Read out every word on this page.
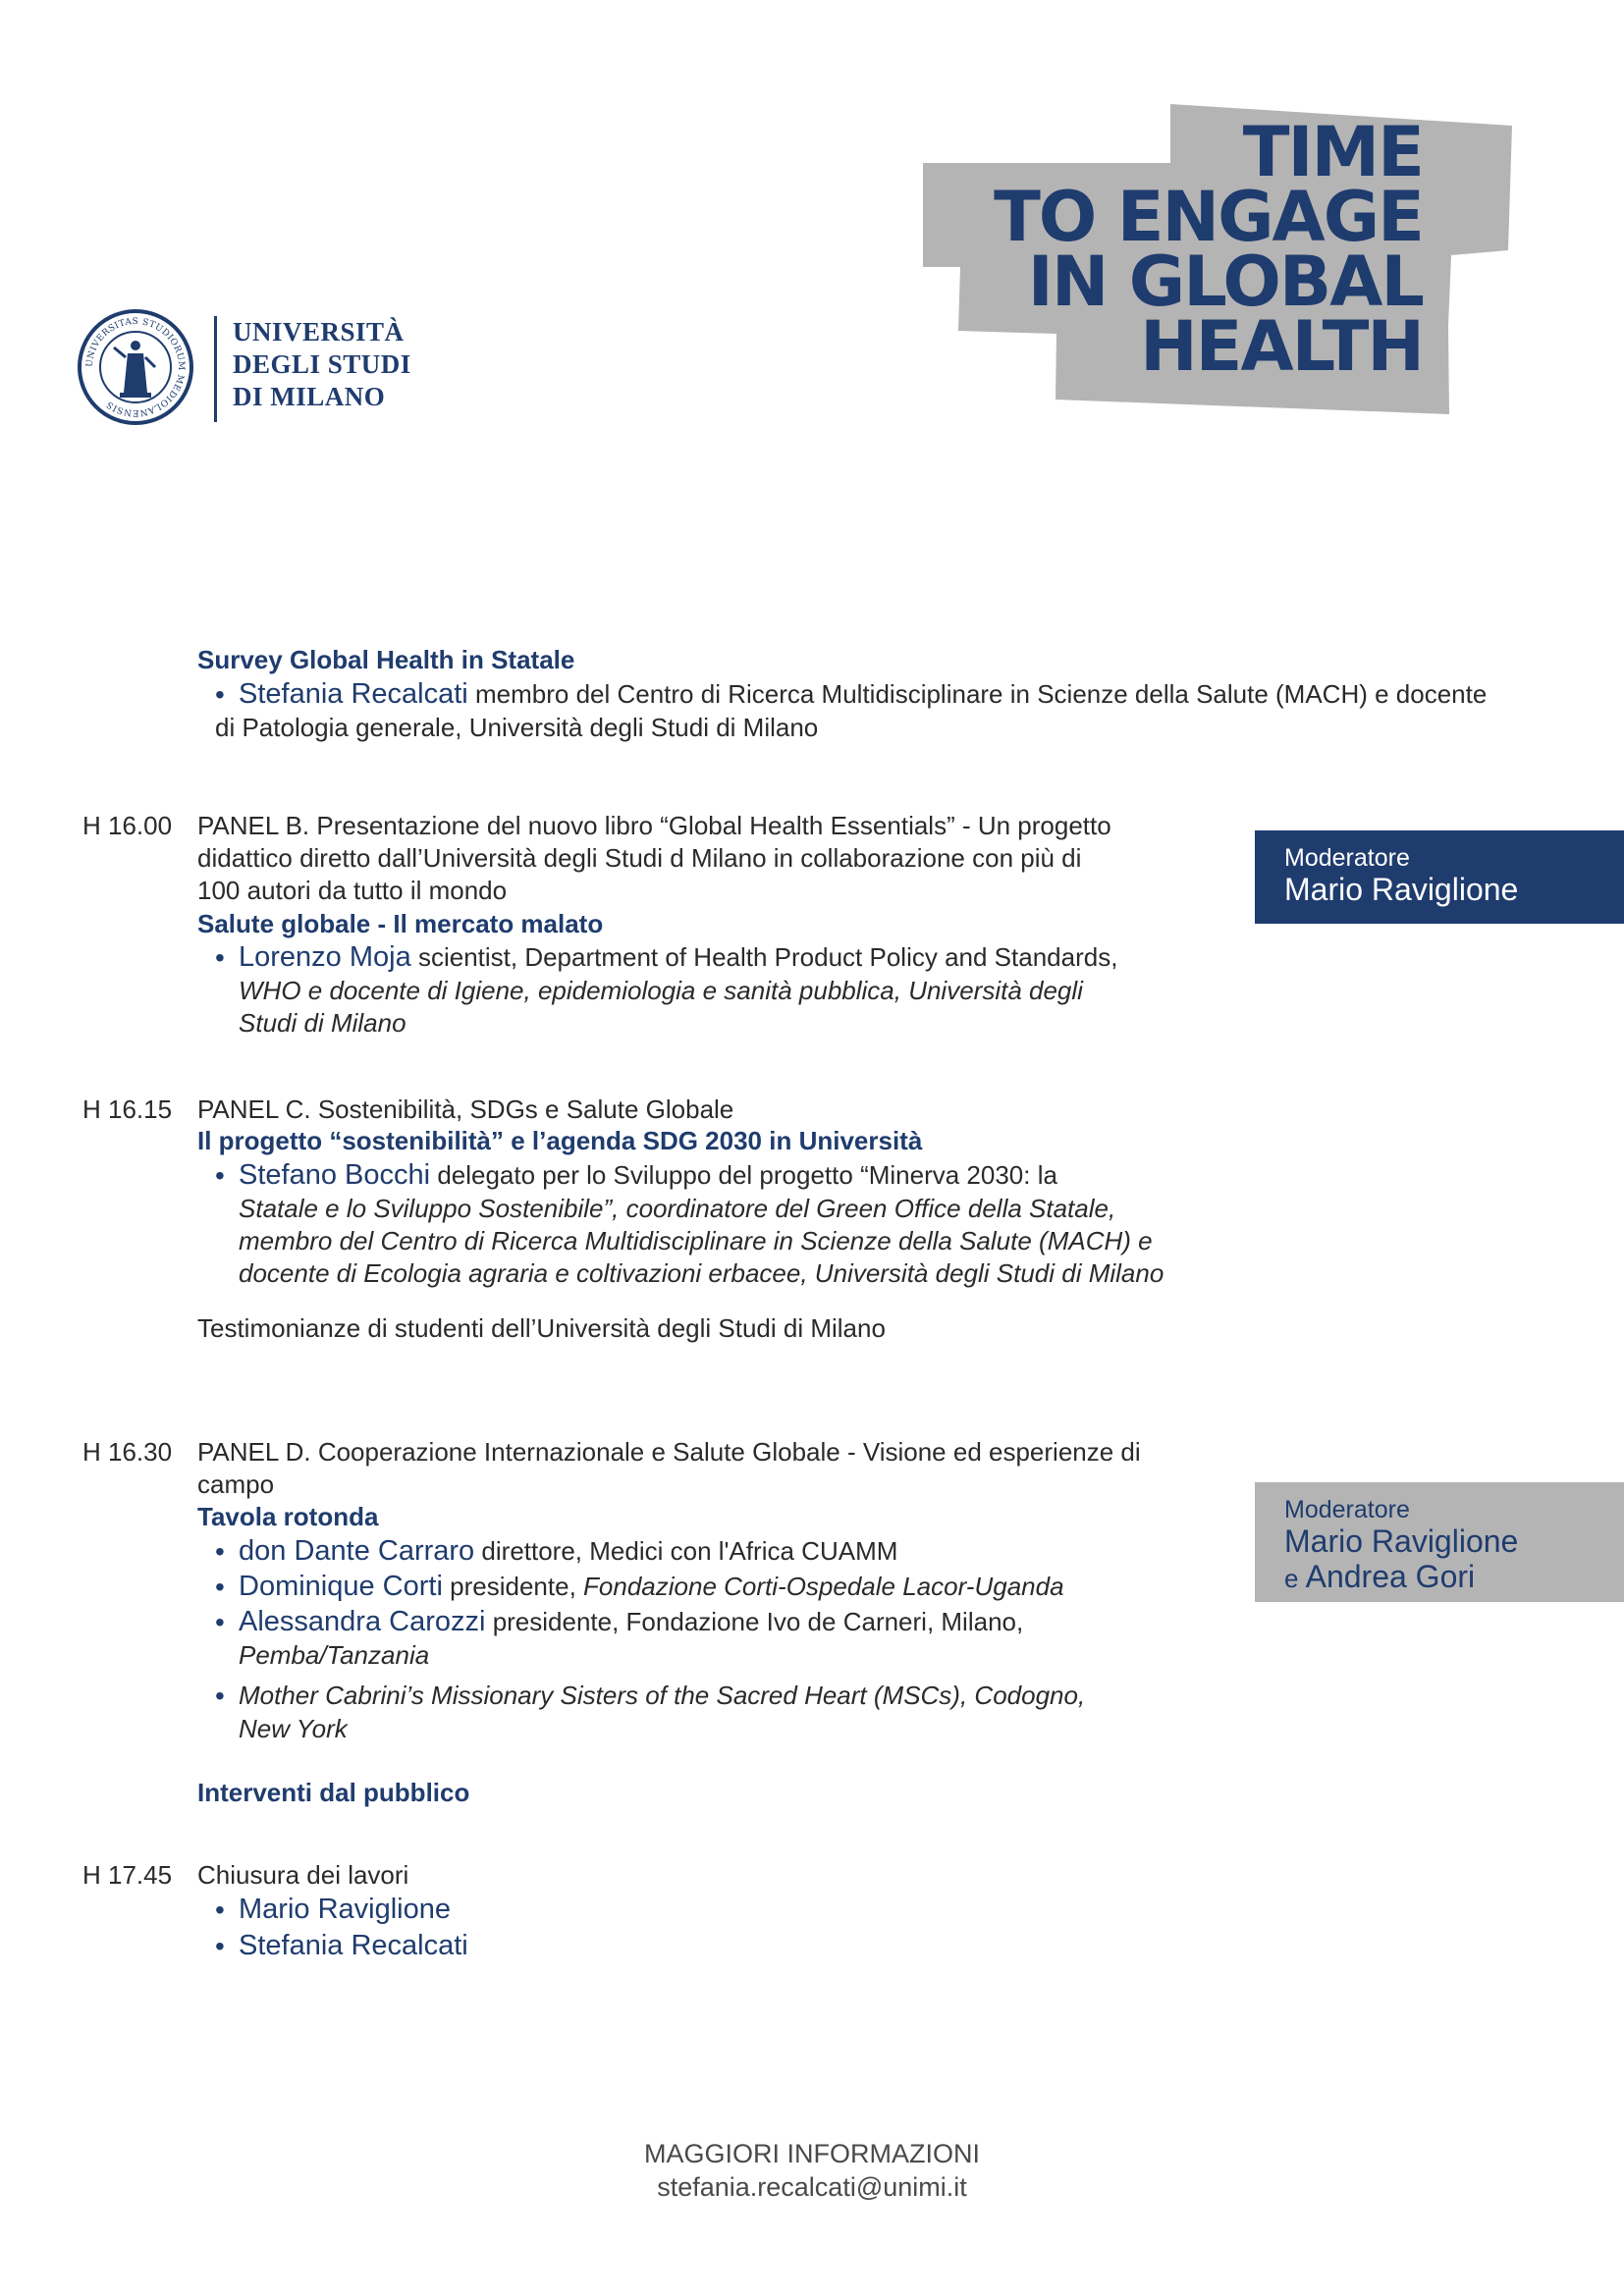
UNIVERSITAS STUDIORUM MEDIOLANENSIS
UNIVERSITÀ
DEGLI STUDI
DI MILANO
TIME
TO ENGAGE
IN GLOBAL
HEALTH
Survey Global Health in Statale
• Stefania Recalcati membro del Centro di Ricerca Multidisciplinare in Scienze della Salute (MACH) e docente
di Patologia generale, Università degli Studi di Milano
H 16.00 PANEL B. Presentazione del nuovo libro “Global Health Essentials” - Un progetto
didattico diretto dall’Università degli Studi d Milano in collaborazione con più di
100 autori da tutto il mondo
Salute globale - Il mercato malato
• Lorenzo Moja scientist, Department of Health Product Policy and Standards,
WHO e docente di Igiene, epidemiologia e sanità pubblica, Università degli
Studi di Milano
Moderatore
Mario Raviglione
H 16.15 PANEL C. Sostenibilità, SDGs e Salute Globale
Il progetto “sostenibilità” e l’agenda SDG 2030 in Università
• Stefano Bocchi delegato per lo Sviluppo del progetto “Minerva 2030: la
Statale e lo Sviluppo Sostenibile”, coordinatore del Green Office della Statale,
membro del Centro di Ricerca Multidisciplinare in Scienze della Salute (MACH) e
docente di Ecologia agraria e coltivazioni erbacee, Università degli Studi di Milano
Testimonianze di studenti dell’Università degli Studi di Milano
H 16.30 PANEL D. Cooperazione Internazionale e Salute Globale - Visione ed esperienze di
campo
Tavola rotonda
• don Dante Carraro direttore, Medici con l'Africa CUAMM
• Dominique Corti presidente, Fondazione Corti-Ospedale Lacor-Uganda
• Alessandra Carozzi presidente, Fondazione Ivo de Carneri, Milano,
Pemba/Tanzania
• Mother Cabrini’s Missionary Sisters of the Sacred Heart (MSCs), Codogno,
New York
Interventi dal pubblico
Moderatore
Mario Raviglione
e Andrea Gori
H 17.45 Chiusura dei lavori
• Mario Raviglione
• Stefania Recalcati
MAGGIORI INFORMAZIONI
stefania.recalcati@unimi.it
